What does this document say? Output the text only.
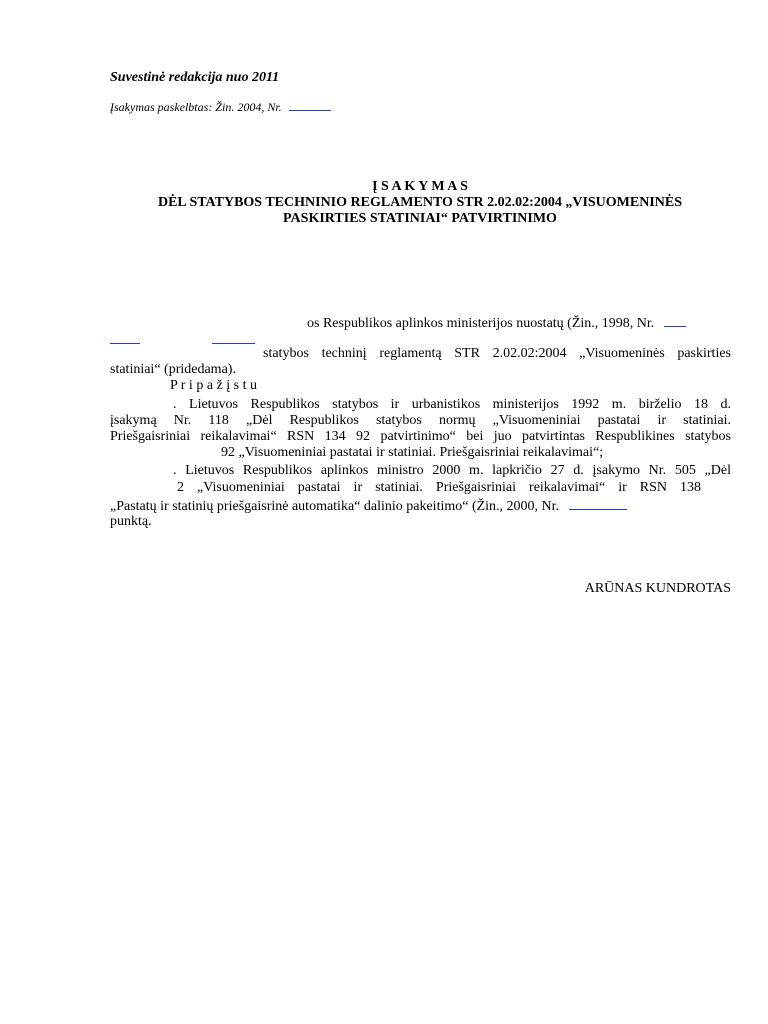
Suvestinė redakcija nuo 2011
Įsakymas paskelbtas: Žin. 2004, Nr.
Į S A K Y M A S
DĖL STATYBOS TECHNINIO REGLAMENTO STR 2.02.02:2004 „VISUOMENINĖS
PASKIRTIES STATINIAI“ PATVIRTINIMO
os Respublikos aplinkos ministerijos nuostatų (Žin., 1998, Nr.
statybos techninį reglamentą STR 2.02.02:2004 „Visuomeninės paskirties
statiniai“ (pridedama).
P r i p a ž į s t u
. Lietuvos Respublikos statybos ir urbanistikos ministerijos 1992 m. birželio 18 d.
įsakymą Nr. 118 „Dėl Respublikos statybos normų „Visuomeniniai pastatai ir statiniai.
Priešgaisriniai reikalavimai“ RSN 134 92 patvirtinimo“ bei juo patvirtintas Respublikines statybos
92 „Visuomeniniai pastatai ir statiniai. Priešgaisriniai reikalavimai“;
. Lietuvos Respublikos aplinkos ministro 2000 m. lapkričio 27 d. įsakymo Nr. 505 „Dėl
2 „Visuomeniniai pastatai ir statiniai. Priešgaisriniai reikalavimai“ ir RSN 138
„Pastatų ir statinių priešgaisrinė automatika“ dalinio pakeitimo“ (Žin., 2000, Nr.
punktą.
ARŪNAS KUNDROTAS
